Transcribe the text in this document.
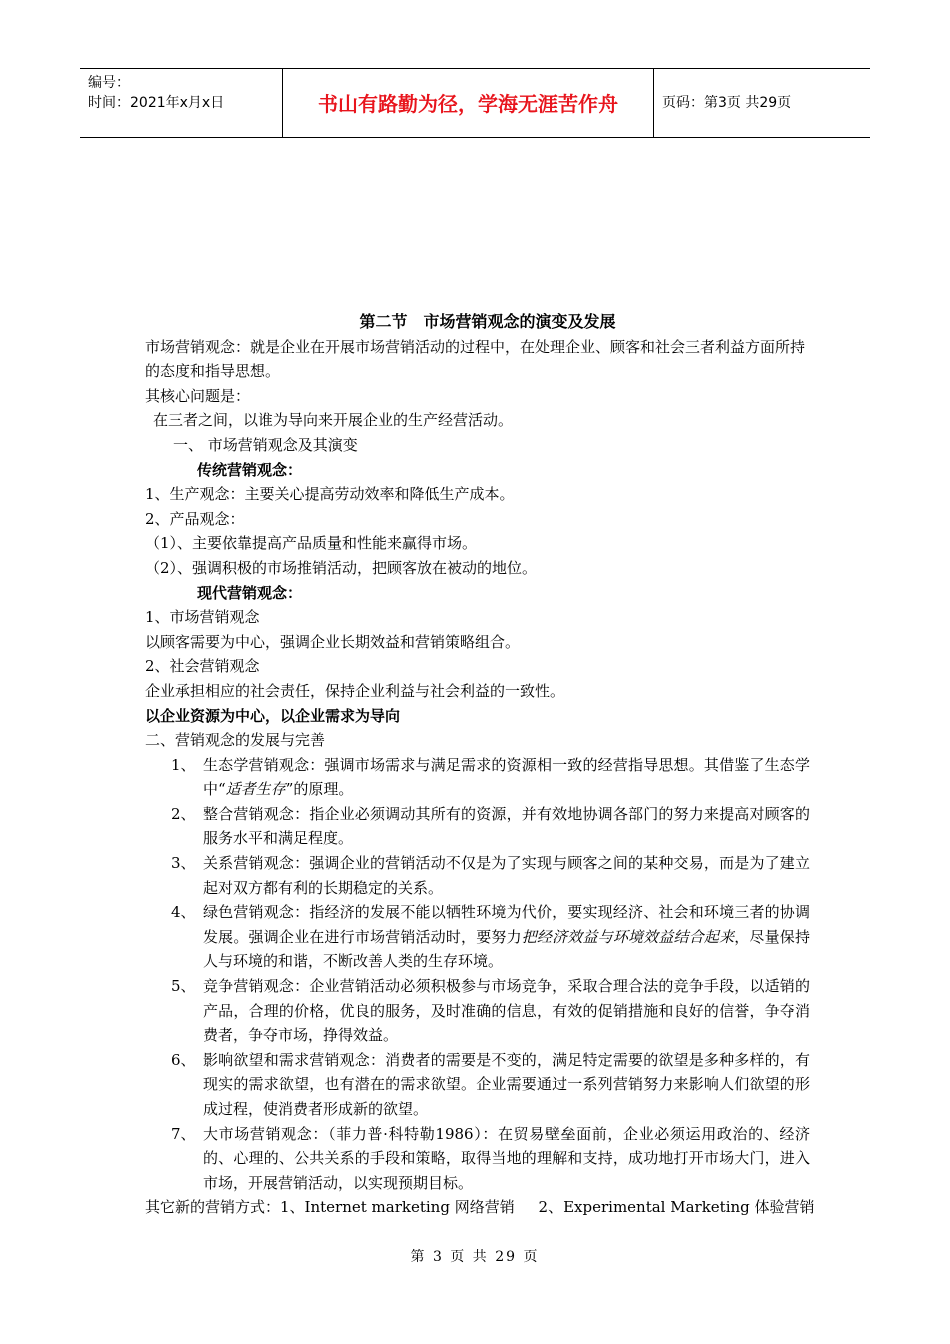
编号：
时间：2021年x月x日	书山有路勤为径，学海无涯苦作舟	页码：第3页 共29页
第二节　市场营销观念的演变及发展

市场营销观念：就是企业在开展市场营销活动的过程中，在处理企业、顾客和社会三者利益方面所持的态度和指导思想。

其核心问题是：

在三者之间，以谁为导向来开展企业的生产经营活动。

一、 市场营销观念及其演变

传统营销观念：

1、生产观念：主要关心提高劳动效率和降低生产成本。

2、产品观念：

（1）、主要依靠提高产品质量和性能来赢得市场。

（2）、强调积极的市场推销活动，把顾客放在被动的地位。

现代营销观念：

1、市场营销观念

以顾客需要为中心，强调企业长期效益和营销策略组合。

2、社会营销观念

企业承担相应的社会责任，保持企业利益与社会利益的一致性。

以企业资源为中心，以企业需求为导向

二、营销观念的发展与完善

1、 生态学营销观念：强调市场需求与满足需求的资源相一致的经营指导思想。其借鉴了生态学中“适者生存”的原理。
2、 整合营销观念：指企业必须调动其所有的资源，并有效地协调各部门的努力来提高对顾客的服务水平和满足程度。
3、 关系营销观念：强调企业的营销活动不仅是为了实现与顾客之间的某种交易，而是为了建立起对双方都有利的长期稳定的关系。
4、 绿色营销观念：指经济的发展不能以牺牲环境为代价，要实现经济、社会和环境三者的协调发展。强调企业在进行市场营销活动时，要努力把经济效益与环境效益结合起来，尽量保持人与环境的和谐，不断改善人类的生存环境。
5、 竞争营销观念：企业营销活动必须积极参与市场竞争，采取合理合法的竞争手段，以适销的产品，合理的价格，优良的服务，及时准确的信息，有效的促销措施和良好的信誉，争夺消费者，争夺市场，挣得效益。
6、 影响欲望和需求营销观念：消费者的需要是不变的，满足特定需要的欲望是多种多样的，有现实的需求欲望，也有潜在的需求欲望。企业需要通过一系列营销努力来影响人们欲望的形成过程，使消费者形成新的欲望。
7、 大市场营销观念：（菲力普·科特勒1986）：在贸易壁垒面前，企业必须运用政治的、经济的、心理的、公共关系的手段和策略，取得当地的理解和支持，成功地打开市场大门，进入市场，开展营销活动，以实现预期目标。

其它新的营销方式：1、Internet marketing 网络营销     2、Experimental Marketing 体验营销

第 3 页 共 29 页
